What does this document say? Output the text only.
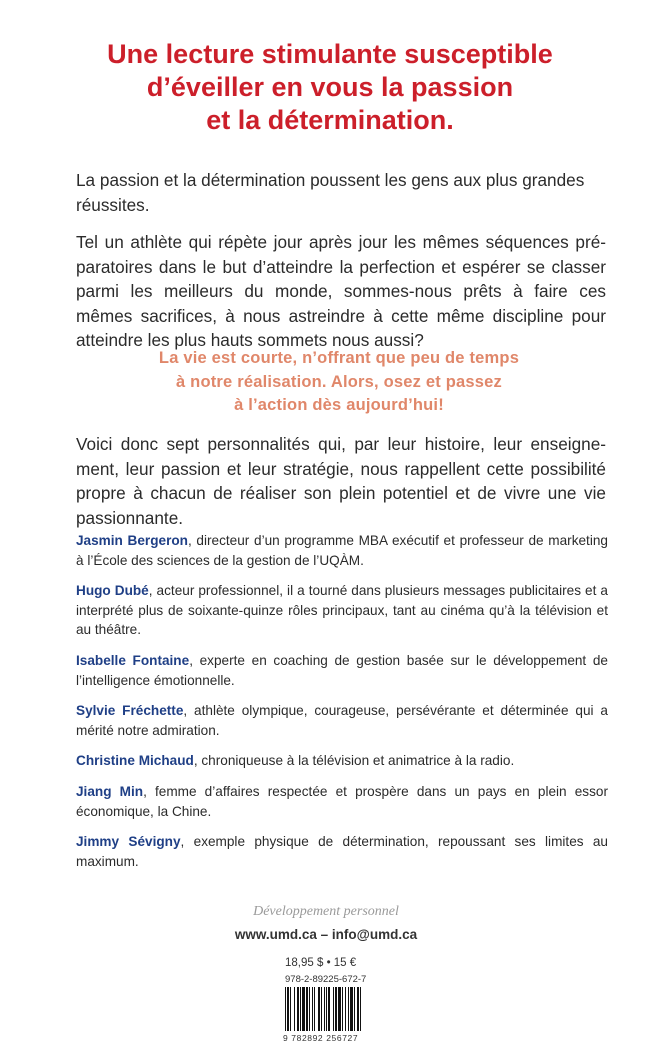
Une lecture stimulante susceptible
d’éveiller en vous la passion
et la détermination.
La passion et la détermination poussent les gens aux plus grandes réussites.
Tel un athlète qui répète jour après jour les mêmes séquences préparatoires dans le but d’atteindre la perfection et espérer se classer parmi les meilleurs du monde, sommes-nous prêts à faire ces mêmes sacrifices, à nous astreindre à cette même discipline pour atteindre les plus hauts sommets nous aussi?
La vie est courte, n’offrant que peu de temps
à notre réalisation. Alors, osez et passez
à l’action dès aujourd’hui!
Voici donc sept personnalités qui, par leur histoire, leur enseignement, leur passion et leur stratégie, nous rappellent cette possibilité propre à chacun de réaliser son plein potentiel et de vivre une vie passionnante.
Jasmin Bergeron, directeur d’un programme MBA exécutif et professeur de marketing à l’École des sciences de la gestion de l’UQÀM.
Hugo Dubé, acteur professionnel, il a tourné dans plusieurs messages publicitaires et a interprété plus de soixante-quinze rôles principaux, tant au cinéma qu’à la télévision et au théâtre.
Isabelle Fontaine, experte en coaching de gestion basée sur le développement de l’intelligence émotionnelle.
Sylvie Fréchette, athlète olympique, courageuse, persévérante et déterminée qui a mérité notre admiration.
Christine Michaud, chroniqueuse à la télévision et animatrice à la radio.
Jiang Min, femme d’affaires respectée et prospère dans un pays en plein essor économique, la Chine.
Jimmy Sévigny, exemple physique de détermination, repoussant ses limites au maximum.
Développement personnel
www.umd.ca – info@umd.ca
18,95 $ • 15 €
978-2-89225-672-7
9 782892 256727
